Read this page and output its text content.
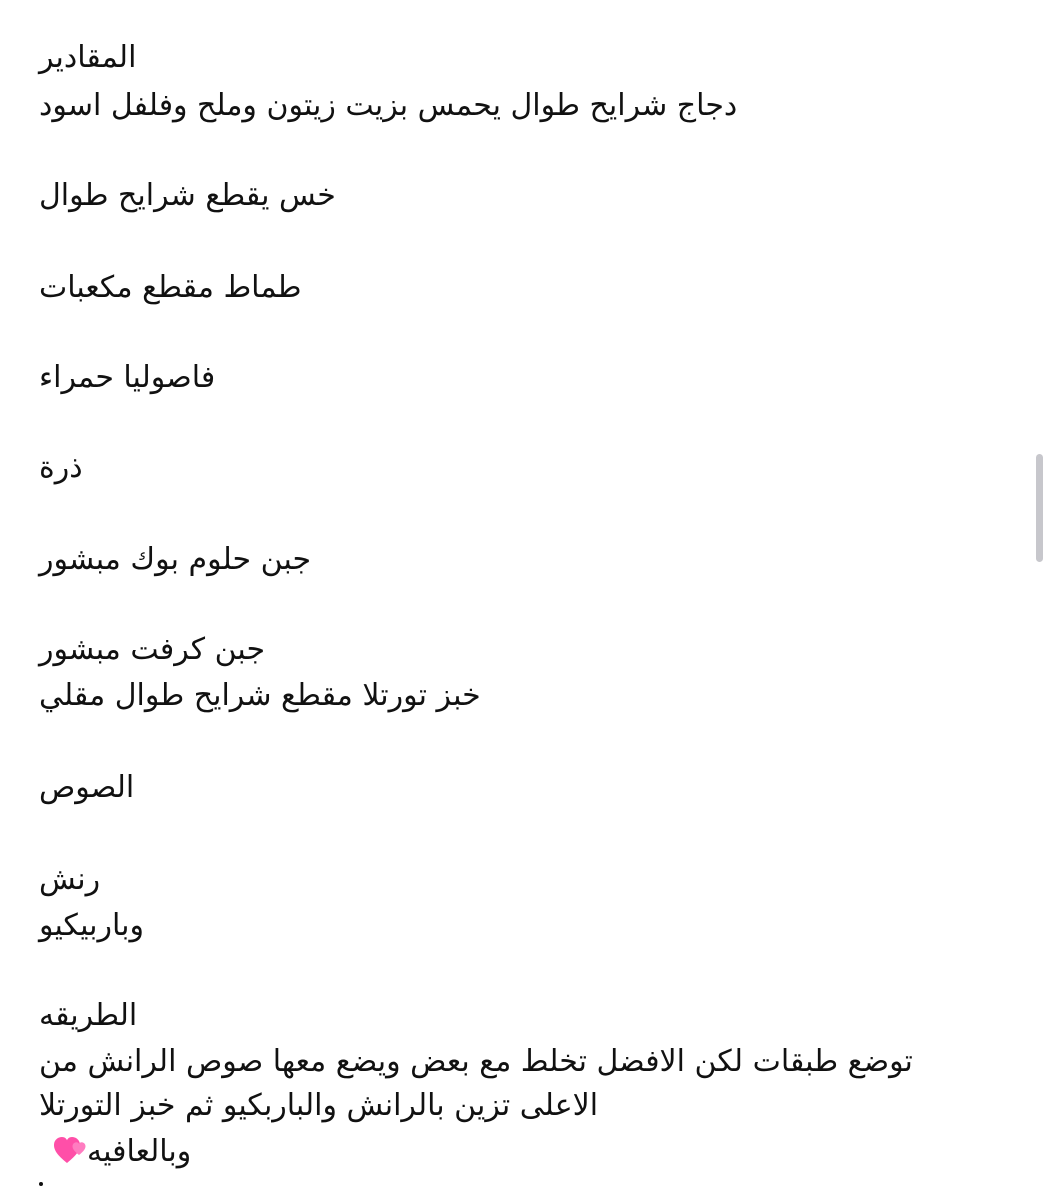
المقادير

دجاج شرايح طوال يحمس بزيت زيتون وملح وفلفل اسود

خس يقطع شرايح طوال

طماط مقطع مكعبات

فاصوليا حمراء

ذرة

جبن حلوم بوك مبشور

جبن كرفت مبشور

خبز تورتلا مقطع شرايح طوال مقلي

الصوص

رنش

وباربيكيو

الطريقه

توضع طبقات لكن الافضل تخلط مع بعض ويضع معها صوص الرانش من

الاعلى تزين بالرانش والباربكيو ثم خبز التورتلا

وبالعافيه
